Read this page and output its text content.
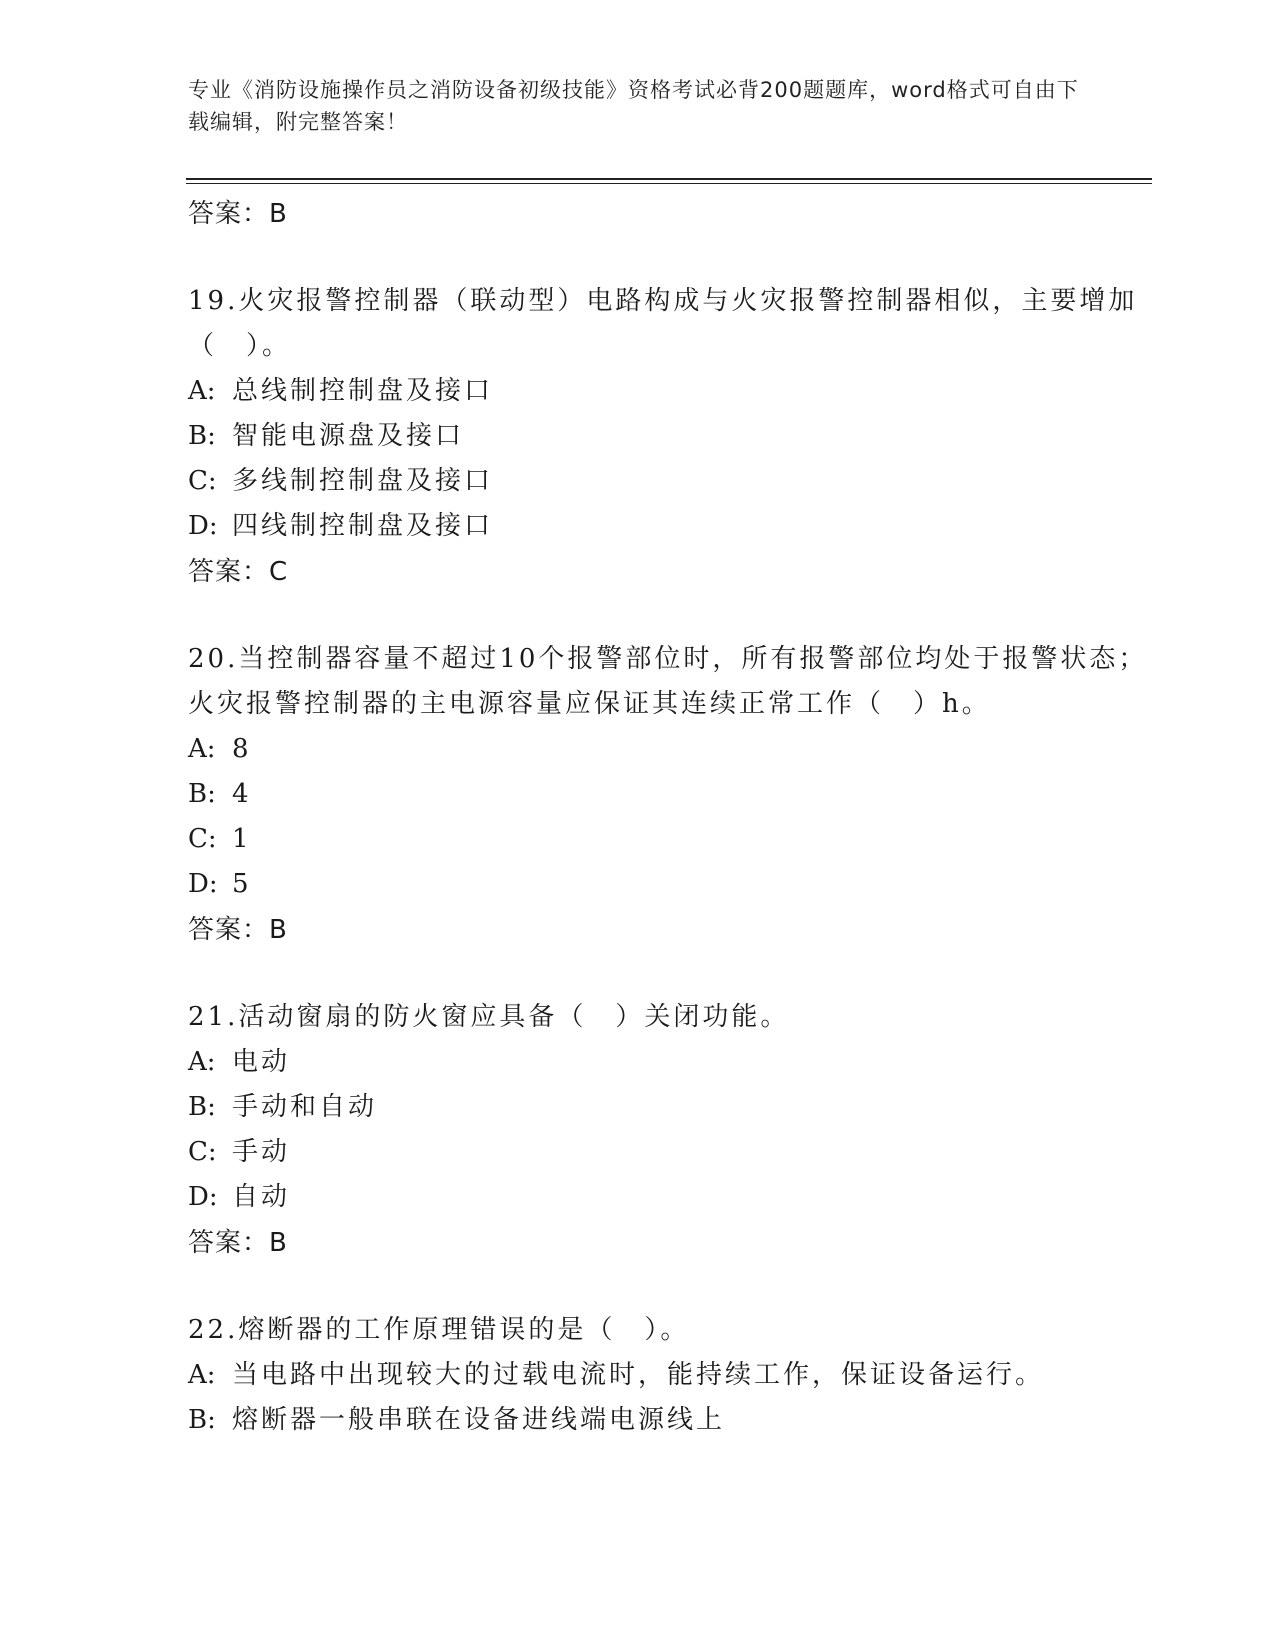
专业《消防设施操作员之消防设备初级技能》资格考试必背200题题库，word格式可自由下载编辑，附完整答案！
答案：B
19.火灾报警控制器（联动型）电路构成与火灾报警控制器相似，主要增加（　）。
A: 总线制控制盘及接口
B: 智能电源盘及接口
C: 多线制控制盘及接口
D: 四线制控制盘及接口
答案：C
20.当控制器容量不超过10个报警部位时，所有报警部位均处于报警状态；火灾报警控制器的主电源容量应保证其连续正常工作（　）h。
A: 8
B: 4
C: 1
D: 5
答案：B
21.活动窗扇的防火窗应具备（　）关闭功能。
A: 电动
B: 手动和自动
C: 手动
D: 自动
答案：B
22.熔断器的工作原理错误的是（　）。
A: 当电路中出现较大的过载电流时，能持续工作，保证设备运行。
B: 熔断器一般串联在设备进线端电源线上
